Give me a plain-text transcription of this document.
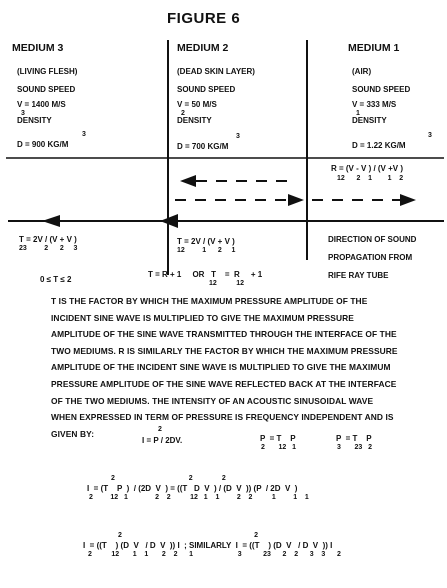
FIGURE 6
MEDIUM 3
(LIVING FLESH)
SOUND SPEED
V = 1400 M/S
3
DENSITY
D = 900 KG/M
3
MEDIUM 2
(DEAD SKIN LAYER)
SOUND SPEED
V = 50 M/S
2
DENSITY
D = 700 KG/M
3
MEDIUM 1
(AIR)
SOUND SPEED
V = 333 M/S
1
DENSITY
D = 1.22 KG/M
3
R = (V - V ) / (V +V )
12      2    1        1    2
T = 2V / (V + V )
23         2      2     3
T = 2V / (V + V )
12         1      2     1
0 ≤ T ≤ 2
T = R + 1     OR   T    =  R     + 1
12          12
DIRECTION OF SOUND
PROPAGATION FROM
RIFE RAY TUBE
T IS THE FACTOR BY WHICH THE MAXIMUM PRESSURE AMPLITUDE OF THE
INCIDENT SINE WAVE IS MULTIPLIED TO GIVE THE MAXIMUM PRESSURE
AMPLITUDE OF THE SINE WAVE TRANSMITTED THROUGH THE INTERFACE OF THE
TWO MEDIUMS. R IS SIMILARLY THE FACTOR BY WHICH THE MAXIMUM PRESSURE
AMPLITUDE OF THE INCIDENT SINE WAVE IS MULTIPLIED TO GIVE THE MAXIMUM
PRESSURE AMPLITUDE OF THE SINE WAVE REFLECTED BACK AT THE INTERFACE
OF THE TWO MEDIUMS. THE INTENSITY OF AN ACOUSTIC SINUSOIDAL WAVE
WHEN EXPRESSED IN TERM OF PRESSURE IS FREQUENCY INDEPENDENT AND IS
GIVEN BY:	2
I = P / 2DV.	P  = T    P
2       12   1
P  = T    P
3       23   2
2                                      2               2
I  = (T    P  )  / (2D  V  ) = ((T   D  V  ) / (D  V  )) (P  / 2D  V  )
2         12   1              2    2          12   1    1         2    2          1         1    1
2                                                                    2
I  = ((T    ) (D  V   / D  V  )) I  ; SIMILARLY  I  = ((T    ) (D  V   / D  V  )) I
2          12       1    1       2    2      1                       3           23      2    2      3    3      2
